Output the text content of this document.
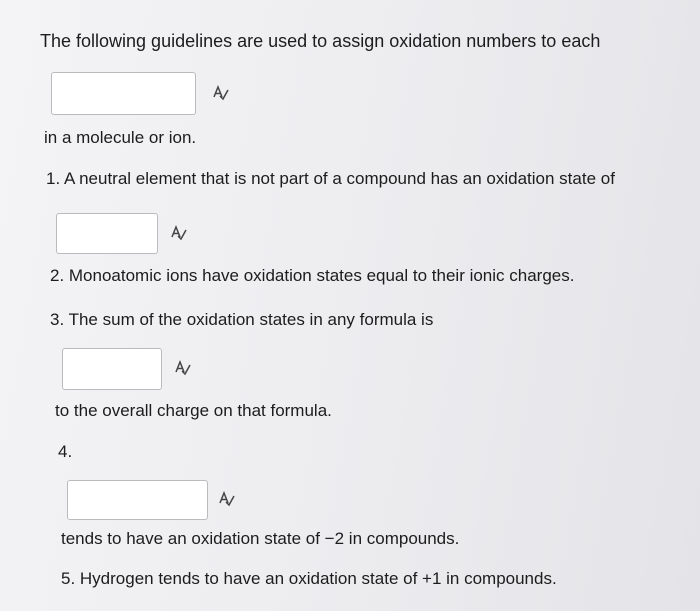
The following guidelines are used to assign oxidation numbers to each
in a molecule or ion.
1. A neutral element that is not part of a compound has an oxidation state of
2. Monoatomic ions have oxidation states equal to their ionic charges.
3. The sum of the oxidation states in any formula is
to the overall charge on that formula.
4.
tends to have an oxidation state of −2 in compounds.
5. Hydrogen tends to have an oxidation state of +1 in compounds.
